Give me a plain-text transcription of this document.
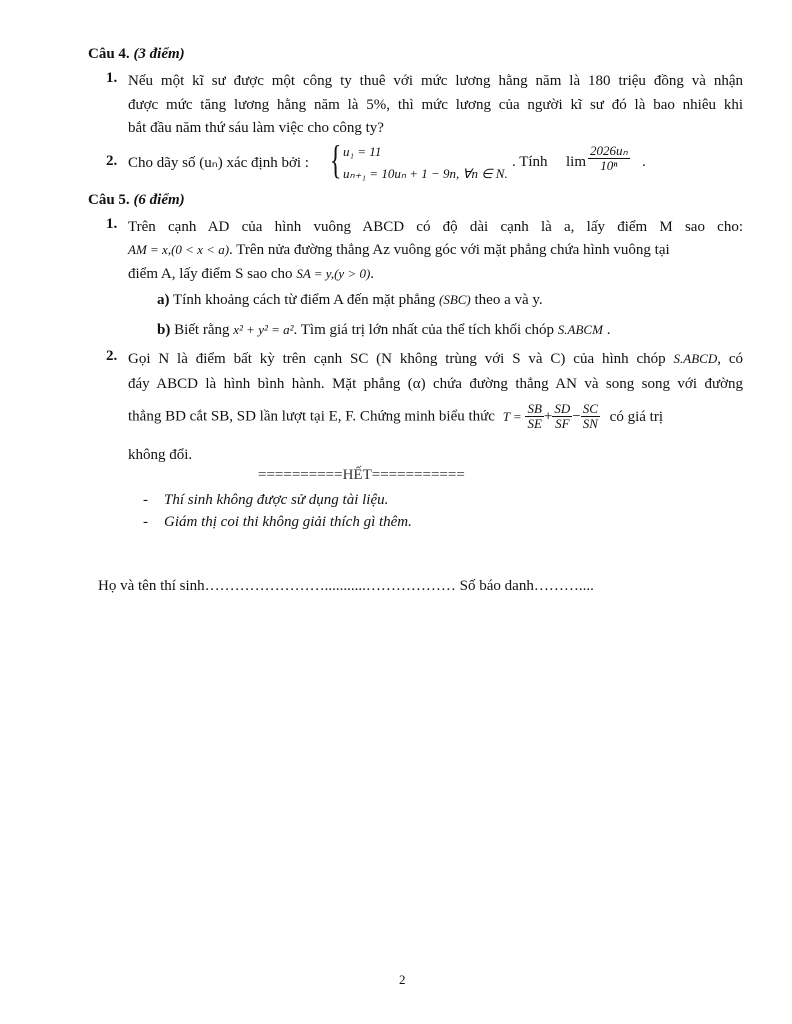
Câu 4. (3 điểm)
1. Nếu một kĩ sư được một công ty thuê với mức lương hằng năm là 180 triệu đồng và nhận
được mức tăng lương hằng năm là 5%, thì mức lương của người kĩ sư đó là bao nhiêu khi
bắt đầu năm thứ sáu làm việc cho công ty?
2. Cho dãy số (uₙ) xác định bởi : { u₁ = 11
uₙ₊₁ = 10uₙ + 1 − 9n, ∀n ∈ N.
. Tính $\lim \frac{\text{2026uₙ}}{\text{10ⁿ}}$ .
Câu 5. (6 điểm)
1. Trên cạnh AD của hình vuông ABCD có độ dài cạnh là a, lấy điểm M sao cho:
AM = x,(0 < x < a). Trên nửa đường thẳng Az vuông góc với mặt phẳng chứa hình vuông tại
điểm A, lấy điểm S sao cho SA = y,(y > 0).
a) Tính khoảng cách từ điểm A đến mặt phẳng (SBC) theo a và y.
b) Biết rằng x² + y² = a². Tìm giá trị lớn nhất của thể tích khối chóp S.ABCM .
2. Gọi N là điểm bất kỳ trên cạnh SC (N không trùng với S và C) của hình chóp S.ABCD, có
đáy ABCD là hình bình hành. Mặt phẳng (α) chứa đường thẳng AN và song song với đường
thẳng BD cắt SB, SD lần lượt tại E, F. Chứng minh biểu thức $T = \frac{SB}{SE} + \frac{SD}{SF} - \frac{SC}{SN}$ có giá trị
không đổi.
==========HẾT===========
- Thí sinh không được sử dụng tài liệu.
- Giám thị coi thi không giải thích gì thêm.
Họ và tên thí sinh……………………...........……………… Số báo danh………....
2
